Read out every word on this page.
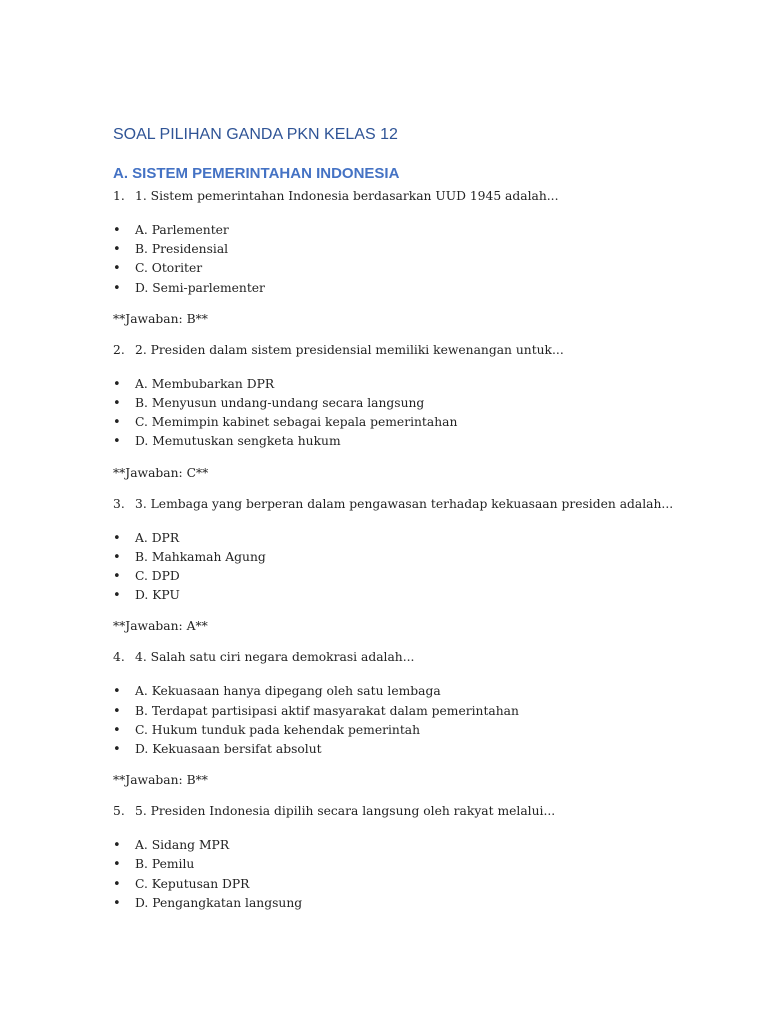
SOAL PILIHAN GANDA PKN KELAS 12
A. SISTEM PEMERINTAHAN INDONESIA
1. 1. Sistem pemerintahan Indonesia berdasarkan UUD 1945 adalah...
•	A. Parlementer
•	B. Presidensial
•	C. Otoriter
•	D. Semi-parlementer

**Jawaban: B**

2. 2. Presiden dalam sistem presidensial memiliki kewenangan untuk...
•	A. Membubarkan DPR
•	B. Menyusun undang-undang secara langsung
•	C. Memimpin kabinet sebagai kepala pemerintahan
•	D. Memutuskan sengketa hukum

**Jawaban: C**

3. 3. Lembaga yang berperan dalam pengawasan terhadap kekuasaan presiden adalah...
•	A. DPR
•	B. Mahkamah Agung
•	C. DPD
•	D. KPU

**Jawaban: A**

4. 4. Salah satu ciri negara demokrasi adalah...
•	A. Kekuasaan hanya dipegang oleh satu lembaga
•	B. Terdapat partisipasi aktif masyarakat dalam pemerintahan
•	C. Hukum tunduk pada kehendak pemerintah
•	D. Kekuasaan bersifat absolut

**Jawaban: B**

5. 5. Presiden Indonesia dipilih secara langsung oleh rakyat melalui...
•	A. Sidang MPR
•	B. Pemilu
•	C. Keputusan DPR
•	D. Pengangkatan langsung
